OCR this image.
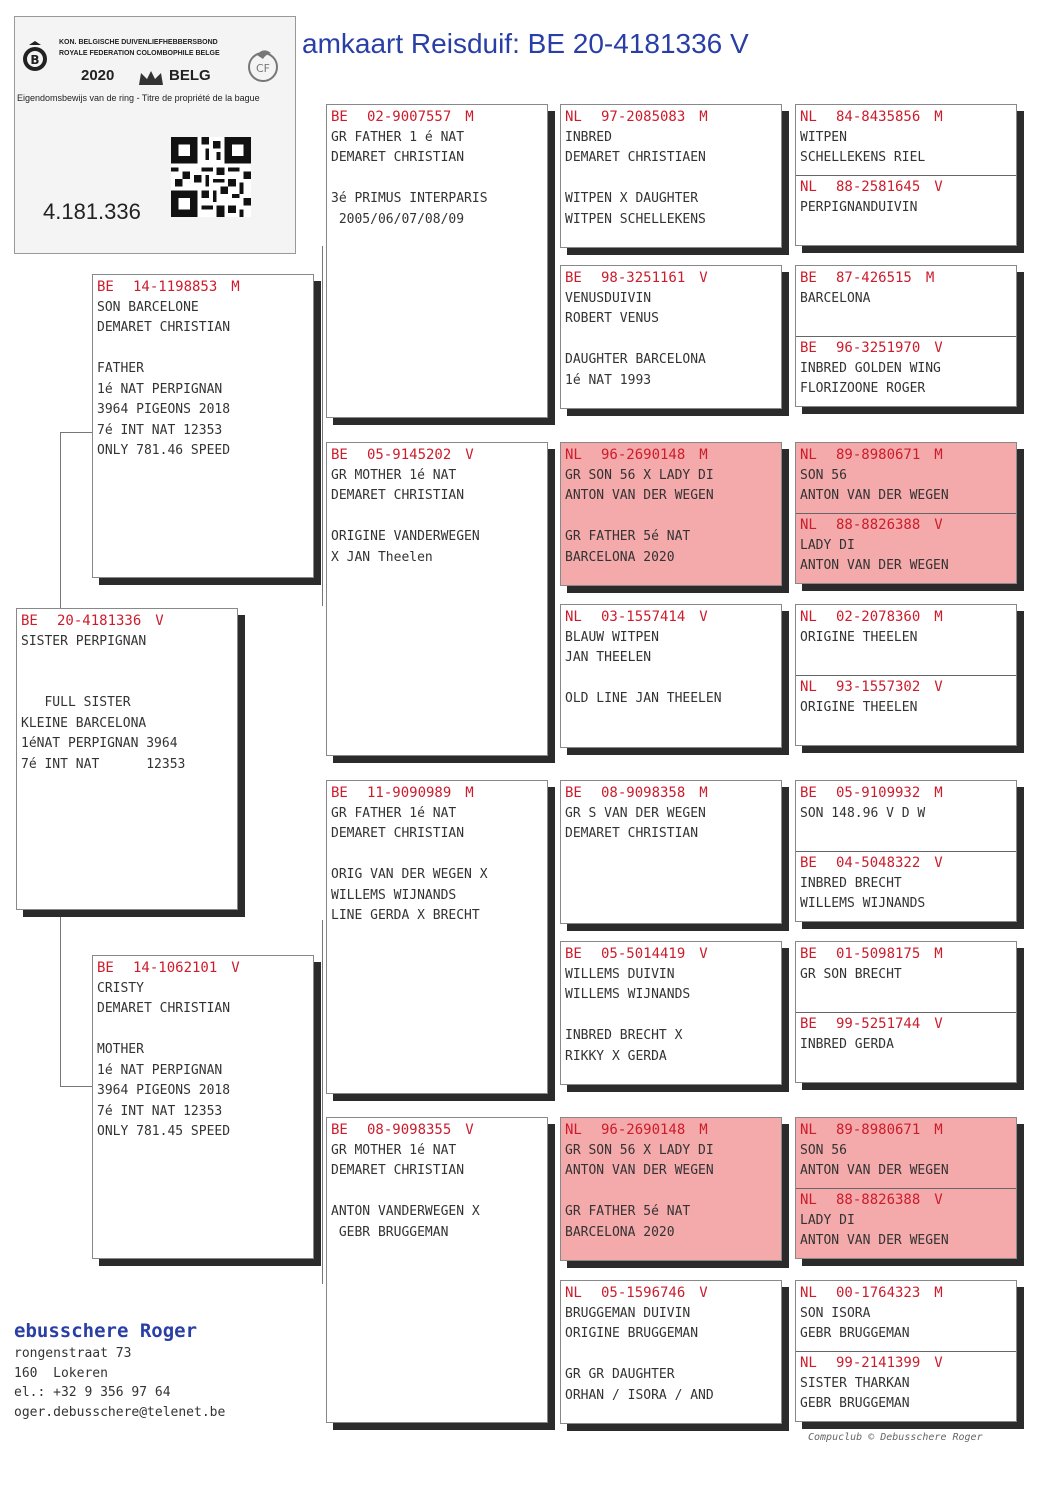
amkaart Reisduif: BE 20-4181336 V
B
KON. BELGISCHE DUIVENLIEFHEBBERSBOND
ROYALE FEDERATION COLOMBOPHILE BELGE
2020	BELG	CF
Eigendomsbewijs van de ring - Titre de propriété de la bague
4.181.336
BE	20-4181336 V
SISTER PERPIGNAN
FULL SISTER
KLEINE BARCELONA
1éNAT PERPIGNAN 3964
7é INT NAT      12353
BE	14-1198853 M
SON BARCELONE
DEMARET CHRISTIAN
FATHER
1é NAT PERPIGNAN
3964 PIGEONS 2018
7é INT NAT 12353
ONLY 781.46 SPEED
BE	14-1062101 V
CRISTY
DEMARET CHRISTIAN
MOTHER
1é NAT PERPIGNAN
3964 PIGEONS 2018
7é INT NAT 12353
ONLY 781.45 SPEED
BE	02-9007557 M
GR FATHER 1 é NAT
DEMARET CHRISTIAN
3é PRIMUS INTERPARIS
2005/06/07/08/09
BE	05-9145202 V
GR MOTHER 1é NAT
DEMARET CHRISTIAN
ORIGINE VANDERWEGEN
X JAN Theelen
BE	11-9090989 M
GR FATHER 1é NAT
DEMARET CHRISTIAN
ORIG VAN DER WEGEN X
WILLEMS WIJNANDS
LINE GERDA X BRECHT
BE	08-9098355 V
GR MOTHER 1é NAT
DEMARET CHRISTIAN
ANTON VANDERWEGEN X
GEBR BRUGGEMAN
NL	97-2085083 M
INBRED
DEMARET CHRISTIAEN
WITPEN X DAUGHTER
WITPEN SCHELLEKENS
BE	98-3251161 V
VENUSDUIVIN
ROBERT VENUS
DAUGHTER BARCELONA
1é NAT 1993
NL	96-2690148 M
GR SON 56 X LADY DI
ANTON VAN DER WEGEN
GR FATHER 5é NAT
BARCELONA 2020
NL	03-1557414 V
BLAUW WITPEN
JAN THEELEN
OLD LINE JAN THEELEN
BE	08-9098358 M
GR S VAN DER WEGEN
DEMARET CHRISTIAN
BE	05-5014419 V
WILLEMS DUIVIN
WILLEMS WIJNANDS
INBRED BRECHT X
RIKKY X GERDA
NL	96-2690148 M
GR SON 56 X LADY DI
ANTON VAN DER WEGEN
GR FATHER 5é NAT
BARCELONA 2020
NL	05-1596746 V
BRUGGEMAN DUIVIN
ORIGINE BRUGGEMAN
GR GR DAUGHTER
ORHAN / ISORA / AND
NL	84-8435856 M
WITPEN
SCHELLEKENS RIEL
NL	88-2581645 V
PERPIGNANDUIVIN
BE	87-426515 M
BARCELONA
BE	96-3251970 V
INBRED GOLDEN WING
FLORIZOONE ROGER
NL	89-8980671 M
SON 56
ANTON VAN DER WEGEN
NL	88-8826388 V
LADY DI
ANTON VAN DER WEGEN
NL	02-2078360 M
ORIGINE THEELEN
NL	93-1557302 V
ORIGINE THEELEN
BE	05-9109932 M
SON 148.96 V D W
BE	04-5048322 V
INBRED BRECHT
WILLEMS WIJNANDS
BE	01-5098175 M
GR SON BRECHT
BE	99-5251744 V
INBRED GERDA
NL	89-8980671 M
SON 56
ANTON VAN DER WEGEN
NL	88-8826388 V
LADY DI
ANTON VAN DER WEGEN
NL	00-1764323 M
SON ISORA
GEBR BRUGGEMAN
NL	99-2141399 V
SISTER THARKAN
GEBR BRUGGEMAN
ebusschere Roger
rongenstraat 73
160  Lokeren
el.: +32 9 356 97 64
oger.debusschere@telenet.be
Compuclub © Debusschere Roger
